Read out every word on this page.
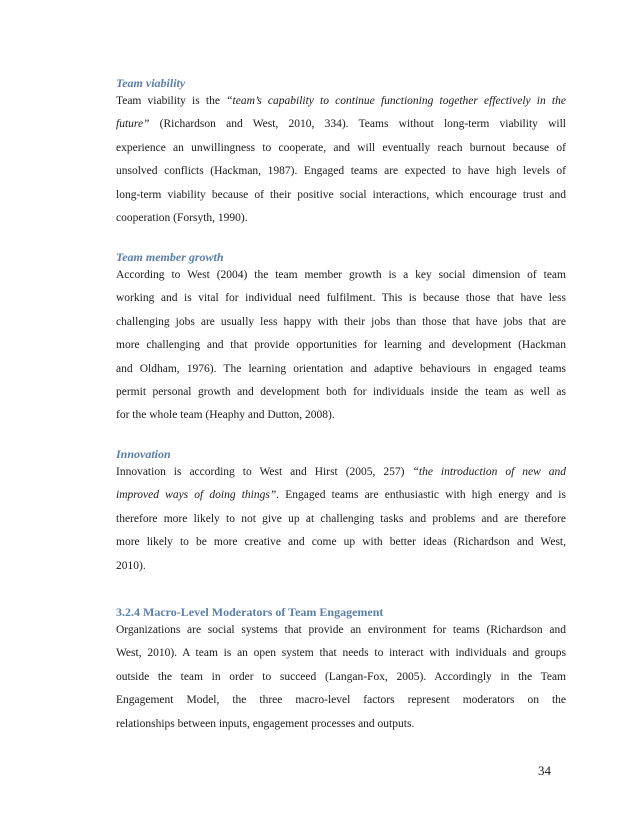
Team viability
Team viability is the “team’s capability to continue functioning together effectively in the
future” (Richardson and West, 2010, 334). Teams without long-term viability will
experience an unwillingness to cooperate, and will eventually reach burnout because of
unsolved conflicts (Hackman, 1987). Engaged teams are expected to have high levels of
long-term viability because of their positive social interactions, which encourage trust and
cooperation (Forsyth, 1990).
Team member growth
According to West (2004) the team member growth is a key social dimension of team
working and is vital for individual need fulfilment. This is because those that have less
challenging jobs are usually less happy with their jobs than those that have jobs that are
more challenging and that provide opportunities for learning and development (Hackman
and Oldham, 1976). The learning orientation and adaptive behaviours in engaged teams
permit personal growth and development both for individuals inside the team as well as
for the whole team (Heaphy and Dutton, 2008).
Innovation
Innovation is according to West and Hirst (2005, 257) “the introduction of new and
improved ways of doing things”. Engaged teams are enthusiastic with high energy and is
therefore more likely to not give up at challenging tasks and problems and are therefore
more likely to be more creative and come up with better ideas (Richardson and West,
2010).
3.2.4 Macro-Level Moderators of Team Engagement
Organizations are social systems that provide an environment for teams (Richardson and
West, 2010). A team is an open system that needs to interact with individuals and groups
outside the team in order to succeed (Langan-Fox, 2005). Accordingly in the Team
Engagement Model, the three macro-level factors represent moderators on the
relationships between inputs, engagement processes and outputs.
34
